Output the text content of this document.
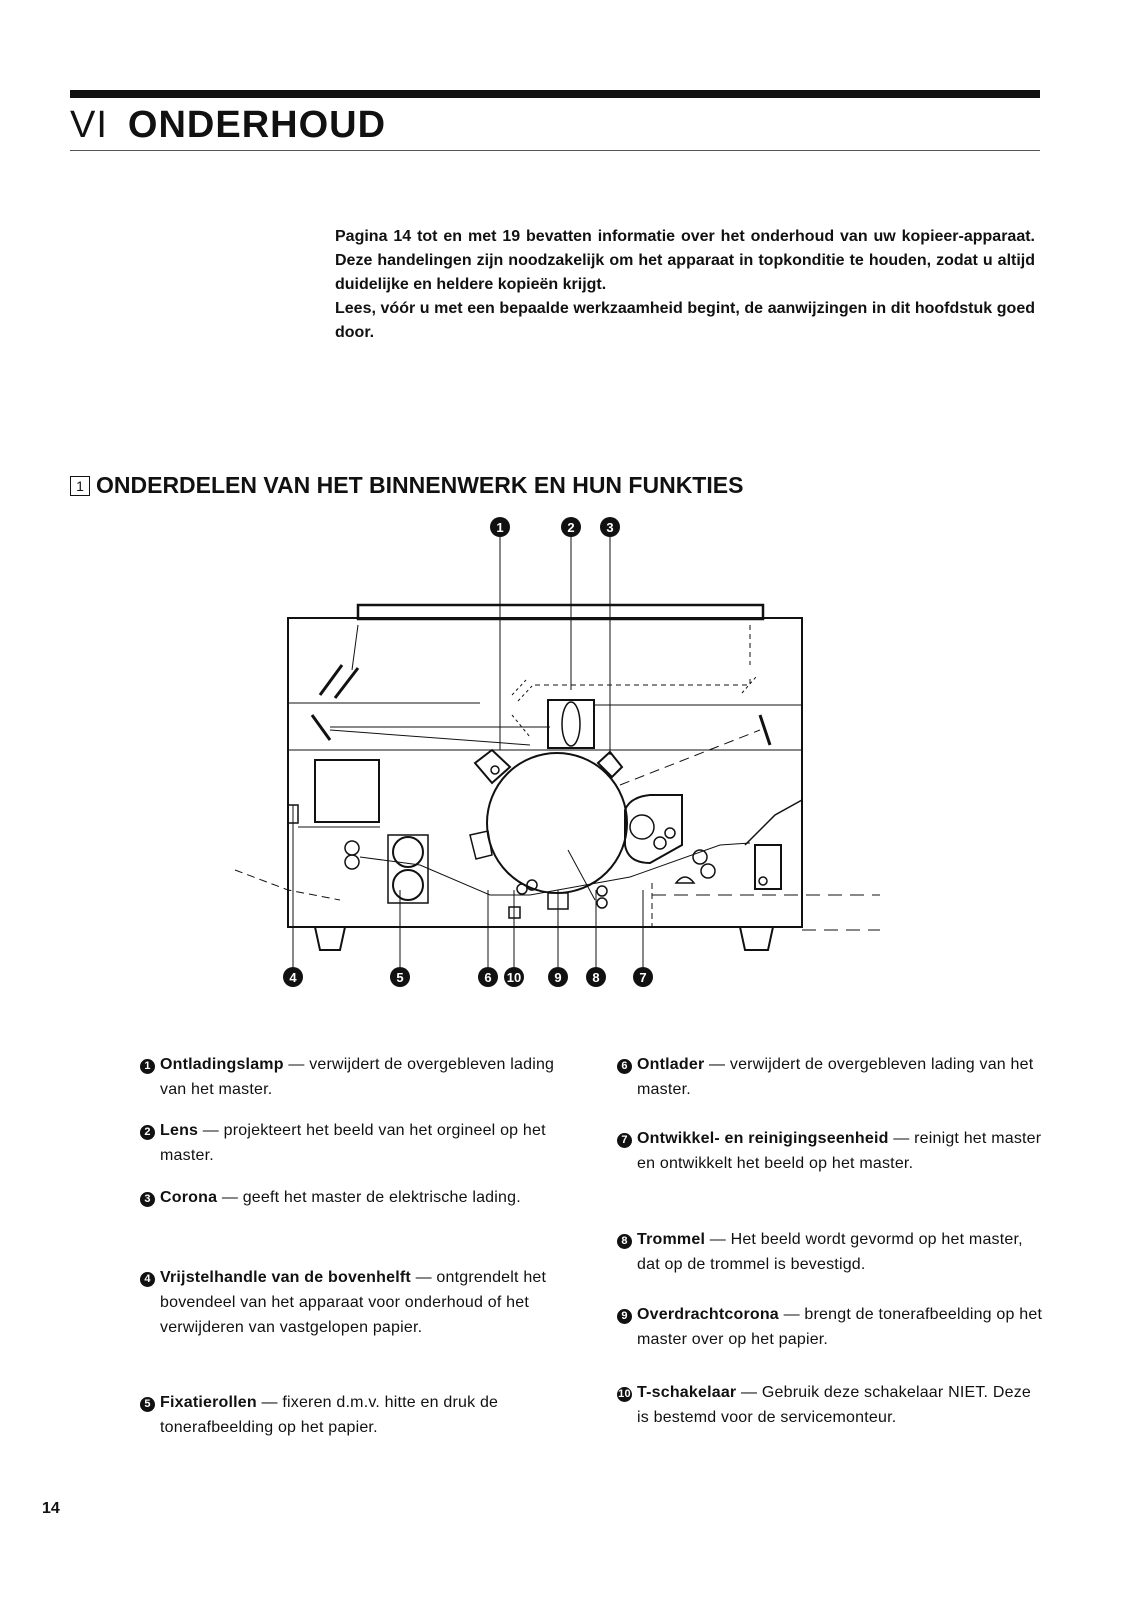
VI ONDERHOUD

Pagina 14 tot en met 19 bevatten informatie over het onderhoud van uw kopieer-apparaat. Deze handelingen zijn noodzakelijk om het apparaat in topkonditie te houden, zodat u altijd duidelijke en heldere kopieën krijgt.

Lees, vóór u met een bepaalde werkzaamheid begint, de aanwijzingen in dit hoofdstuk goed door.

1 ONDERDELEN VAN HET BINNENWERK EN HUN FUNKTIES
1	2 3
4	5	6 10	9 8	7
1 Ontladingslamp — verwijdert de overgebleven lading van het master.
2 Lens — projekteert het beeld van het orgineel op het master.
3 Corona — geeft het master de elektrische lading.
4 Vrijstelhandle van de bovenhelft — ontgrendelt het bovendeel van het apparaat voor onderhoud of het verwijderen van vastgelopen papier.
5 Fixatierollen — fixeren d.m.v. hitte en druk de tonerafbeelding op het papier.
6 Ontlader — verwijdert de overgebleven lading van het master.
7 Ontwikkel- en reinigingseenheid — reinigt het master en ontwikkelt het beeld op het master.
8 Trommel — Het beeld wordt gevormd op het master, dat op de trommel is bevestigd.
9 Overdrachtcorona — brengt de tonerafbeelding op het master over op het papier.
10 T-schakelaar — Gebruik deze schakelaar NIET. Deze is bestemd voor de servicemonteur.
14
